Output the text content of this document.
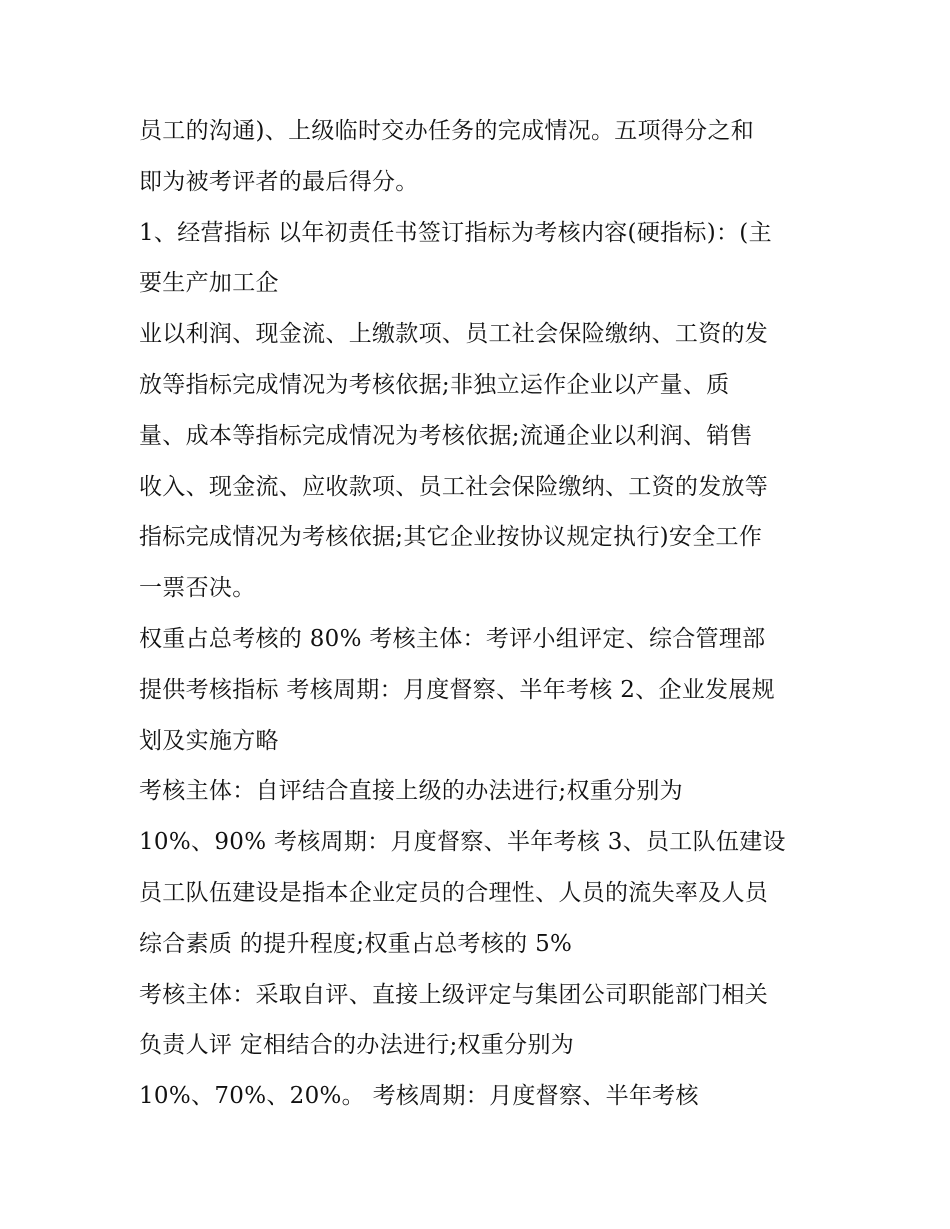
员工的沟通)、上级临时交办任务的完成情况。五项得分之和
即为被考评者的最后得分。
1、经营指标 以年初责任书签订指标为考核内容(硬指标)：(主
要生产加工企
业以利润、现金流、上缴款项、员工社会保险缴纳、工资的发
放等指标完成情况为考核依据;非独立运作企业以产量、质
量、成本等指标完成情况为考核依据;流通企业以利润、销售
收入、现金流、应收款项、员工社会保险缴纳、工资的发放等
指标完成情况为考核依据;其它企业按协议规定执行)安全工作
一票否决。
权重占总考核的 80% 考核主体：考评小组评定、综合管理部
提供考核指标 考核周期：月度督察、半年考核 2、企业发展规
划及实施方略
考核主体：自评结合直接上级的办法进行;权重分别为
10%、90% 考核周期：月度督察、半年考核 3、员工队伍建设
员工队伍建设是指本企业定员的合理性、人员的流失率及人员
综合素质 的提升程度;权重占总考核的 5%
考核主体：采取自评、直接上级评定与集团公司职能部门相关
负责人评 定相结合的办法进行;权重分别为
10%、70%、20%。 考核周期：月度督察、半年考核
